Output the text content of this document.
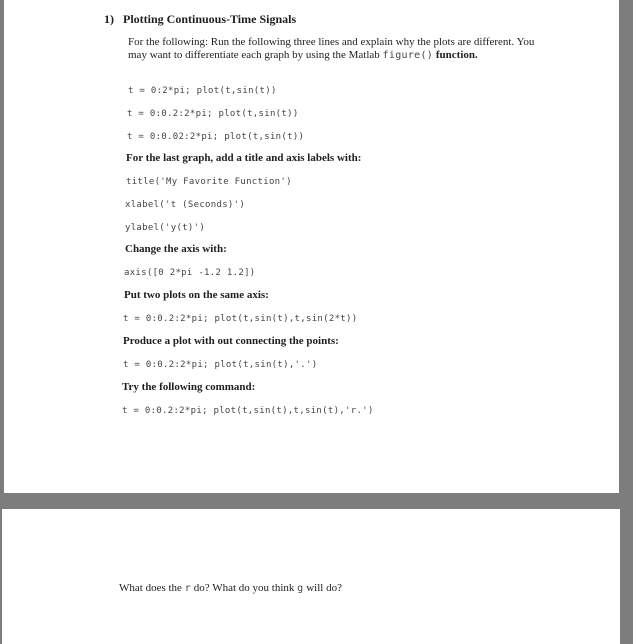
1) Plotting Continuous-Time Signals
For the following: Run the following three lines and explain why the plots are different. You may want to differentiate each graph by using the Matlab figure() function.
t = 0:2*pi; plot(t,sin(t))
t = 0:0.2:2*pi; plot(t,sin(t))
t = 0:0.02:2*pi; plot(t,sin(t))
For the last graph, add a title and axis labels with:
title('My Favorite Function')
xlabel('t (Seconds)')
ylabel('y(t)')
Change the axis with:
axis([0 2*pi -1.2 1.2])
Put two plots on the same axis:
t = 0:0.2:2*pi; plot(t,sin(t),t,sin(2*t))
Produce a plot with out connecting the points:
t = 0:0.2:2*pi; plot(t,sin(t),'.')
Try the following command:
t = 0:0.2:2*pi; plot(t,sin(t),t,sin(t),'r.')
What does the r do? What do you think g will do?
